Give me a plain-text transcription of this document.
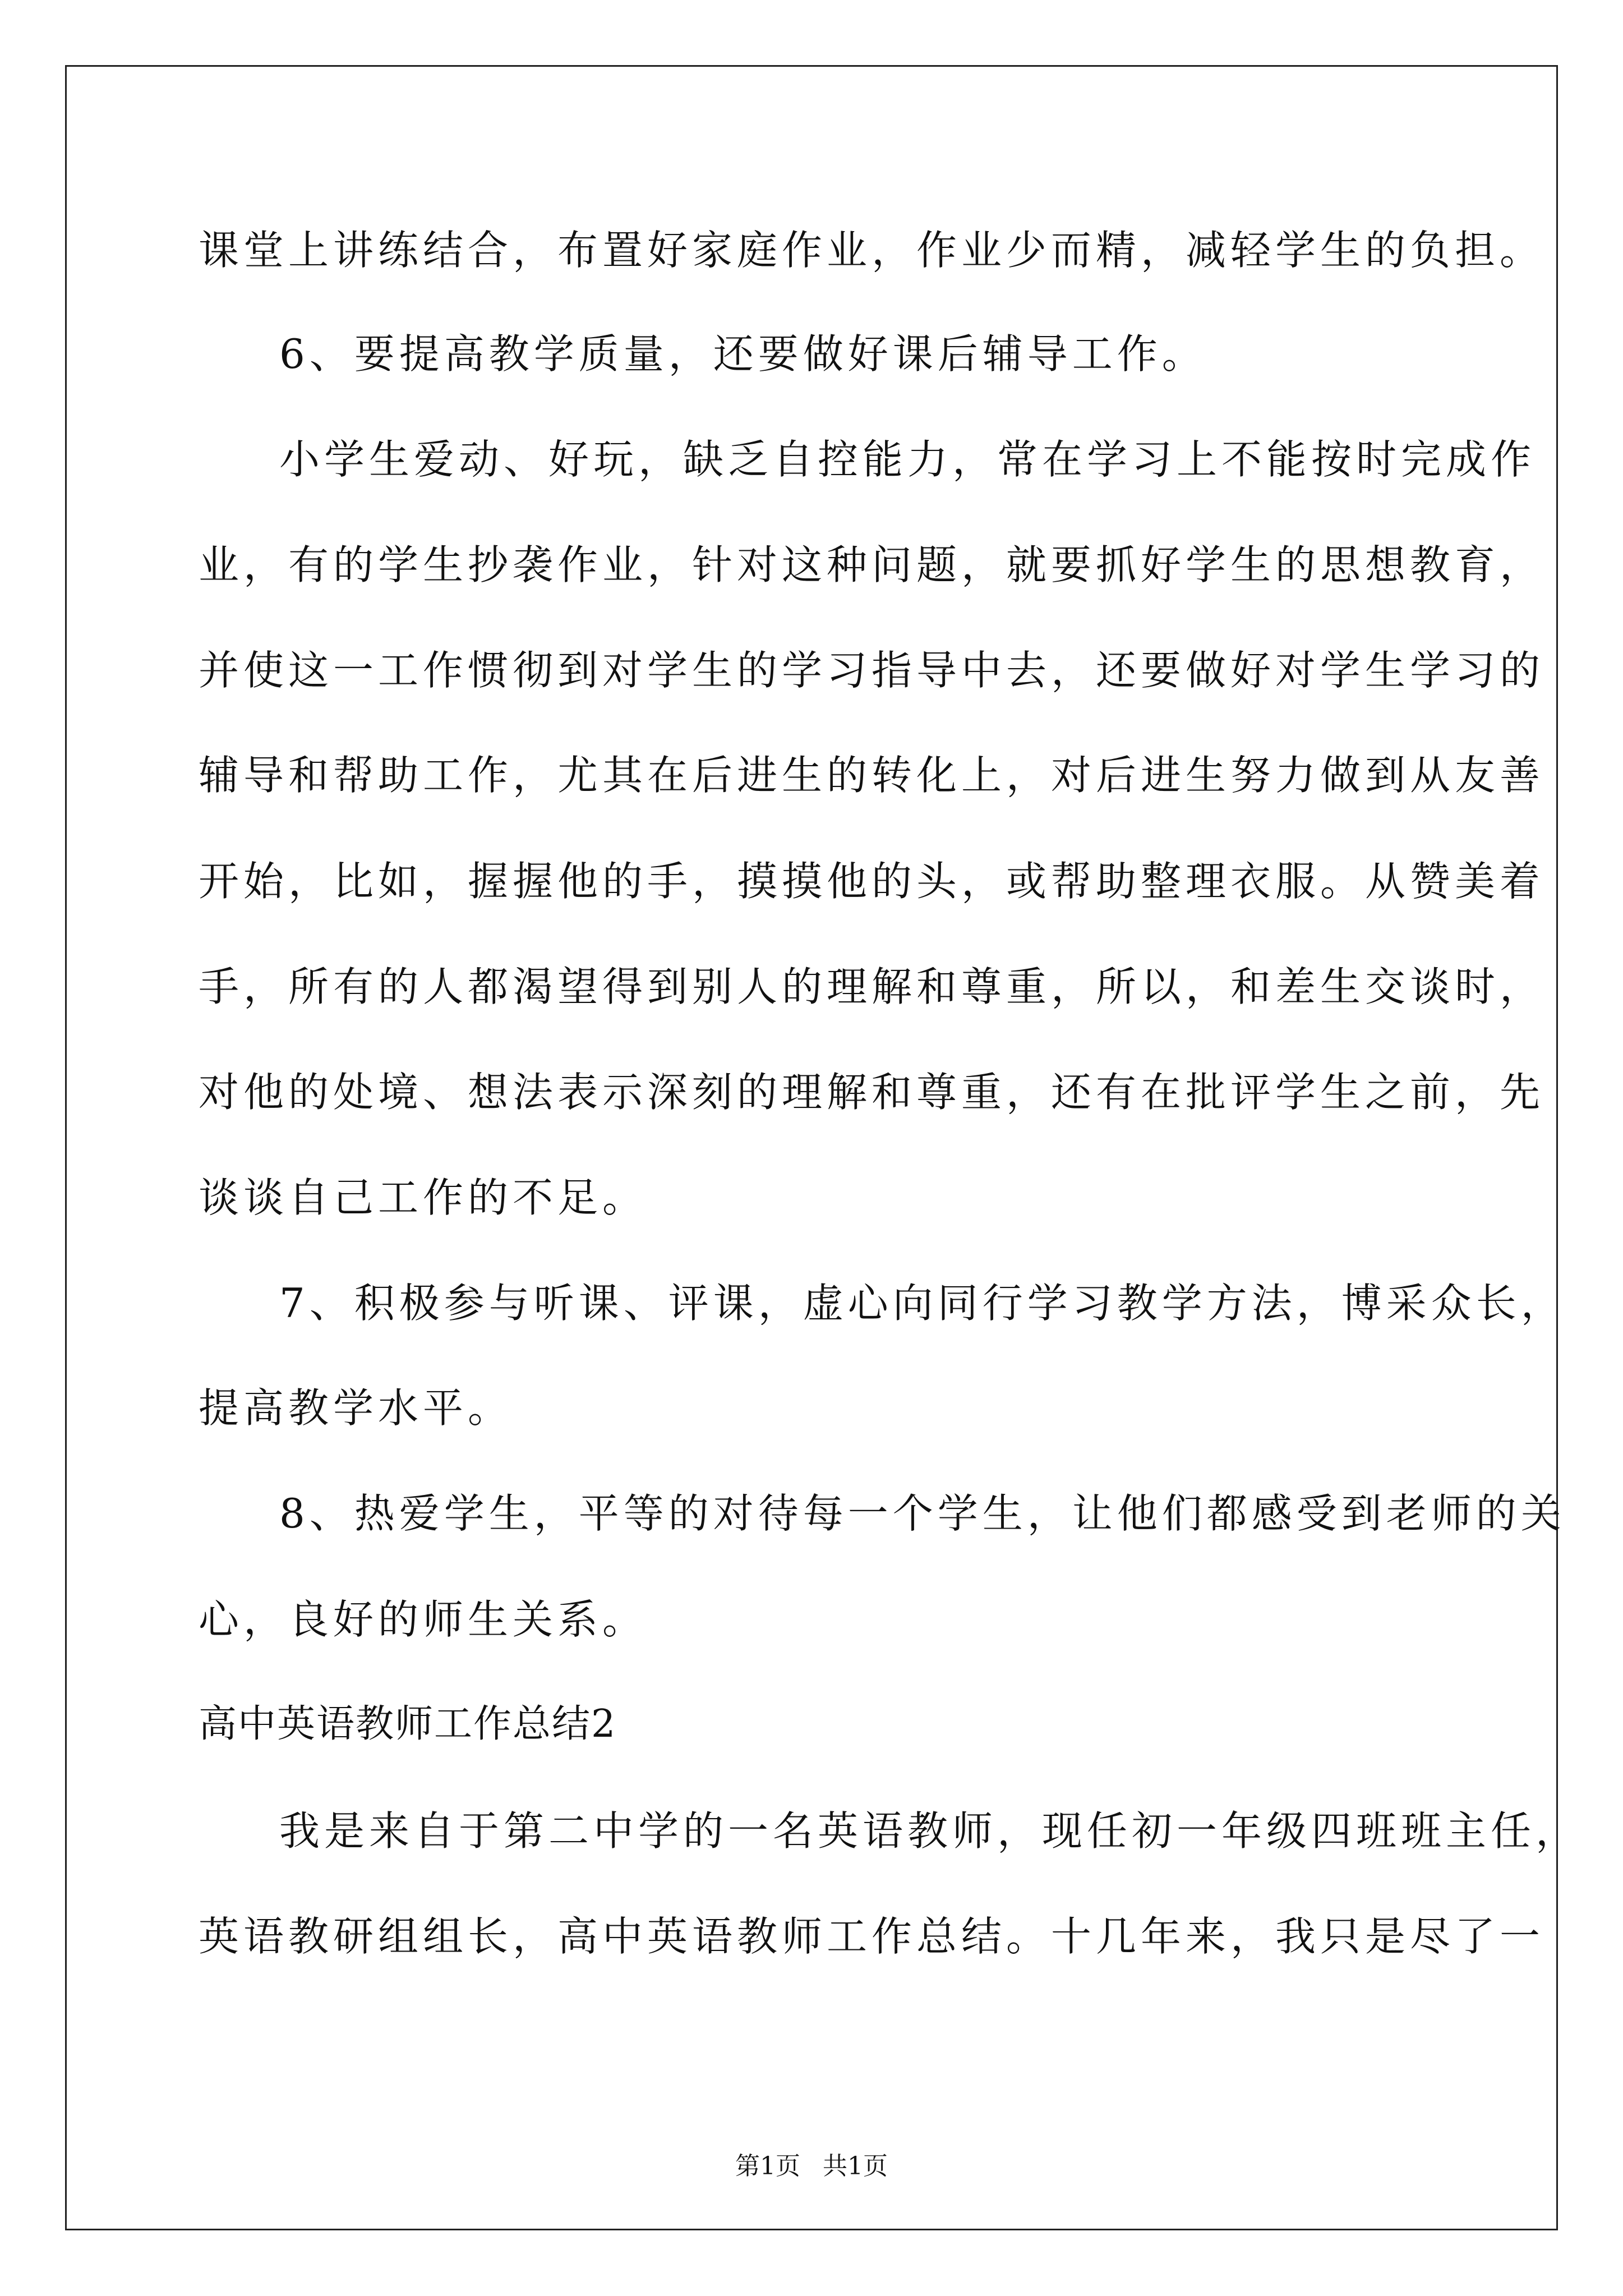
课堂上讲练结合，布置好家庭作业，作业少而精，减轻学生的负担。
6、要提高教学质量，还要做好课后辅导工作。
小学生爱动、好玩，缺乏自控能力，常在学习上不能按时完成作
业，有的学生抄袭作业，针对这种问题，就要抓好学生的思想教育，
并使这一工作惯彻到对学生的学习指导中去，还要做好对学生学习的
辅导和帮助工作，尤其在后进生的转化上，对后进生努力做到从友善
开始，比如，握握他的手，摸摸他的头，或帮助整理衣服。从赞美着
手，所有的人都渴望得到别人的理解和尊重，所以，和差生交谈时，
对他的处境、想法表示深刻的理解和尊重，还有在批评学生之前，先
谈谈自己工作的不足。
7、积极参与听课、评课，虚心向同行学习教学方法，博采众长，
提高教学水平。
8、热爱学生，平等的对待每一个学生，让他们都感受到老师的关
心，良好的师生关系。
高中英语教师工作总结2
我是来自于第二中学的一名英语教师，现任初一年级四班班主任，
英语教研组组长，高中英语教师工作总结。十几年来，我只是尽了一
第1页 共1页
